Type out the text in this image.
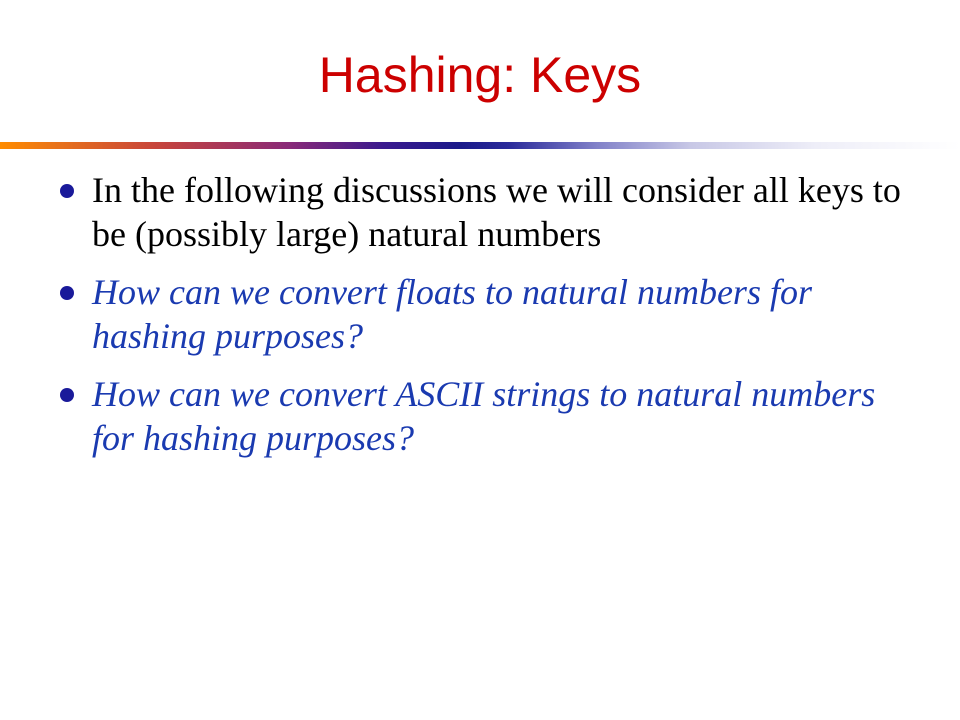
Hashing: Keys
In the following discussions we will consider all keys to be (possibly large) natural numbers
How can we convert floats to natural numbers for hashing purposes?
How can we convert ASCII strings to natural numbers for hashing purposes?
